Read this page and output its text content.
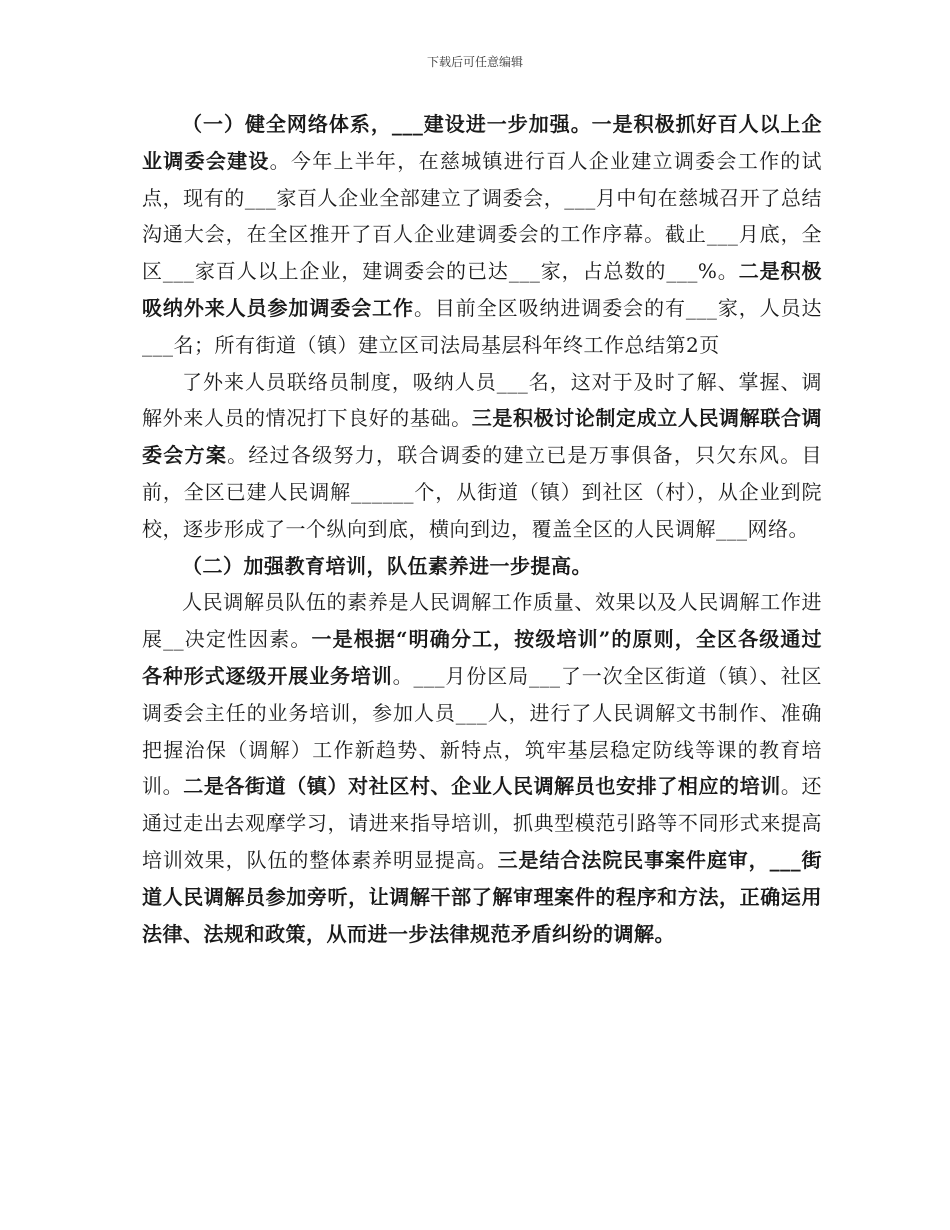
下载后可任意编辑

（一）健全网络体系，___建设进一步加强。一是积极抓好百人以上企业调委会建设。今年上半年，在慈城镇进行百人企业建立调委会工作的试点，现有的___家百人企业全部建立了调委会，___月中旬在慈城召开了总结沟通大会，在全区推开了百人企业建调委会的工作序幕。截止___月底，全区___家百人以上企业，建调委会的已达___家，占总数的___%。二是积极吸纳外来人员参加调委会工作。目前全区吸纳进调委会的有___家，人员达___名；所有街道（镇）建立区司法局基层科年终工作总结第2页

了外来人员联络员制度，吸纳人员___名，这对于及时了解、掌握、调解外来人员的情况打下良好的基础。三是积极讨论制定成立人民调解联合调委会方案。经过各级努力，联合调委的建立已是万事俱备，只欠东风。目前，全区已建人民调解______个，从街道（镇）到社区（村），从企业到院校，逐步形成了一个纵向到底，横向到边，覆盖全区的人民调解___网络。

（二）加强教育培训，队伍素养进一步提高。

人民调解员队伍的素养是人民调解工作质量、效果以及人民调解工作进展__决定性因素。一是根据“明确分工，按级培训”的原则，全区各级通过各种形式逐级开展业务培训。___月份区局___了一次全区街道（镇）、社区调委会主任的业务培训，参加人员___人，进行了人民调解文书制作、准确把握治保（调解）工作新趋势、新特点，筑牢基层稳定防线等课的教育培训。二是各街道（镇）对社区村、企业人民调解员也安排了相应的培训。还通过走出去观摩学习，请进来指导培训，抓典型模范引路等不同形式来提高培训效果，队伍的整体素养明显提高。三是结合法院民事案件庭审，___街道人民调解员参加旁听，让调解干部了解审理案件的程序和方法，正确运用法律、法规和政策，从而进一步法律规范矛盾纠纷的调解。
